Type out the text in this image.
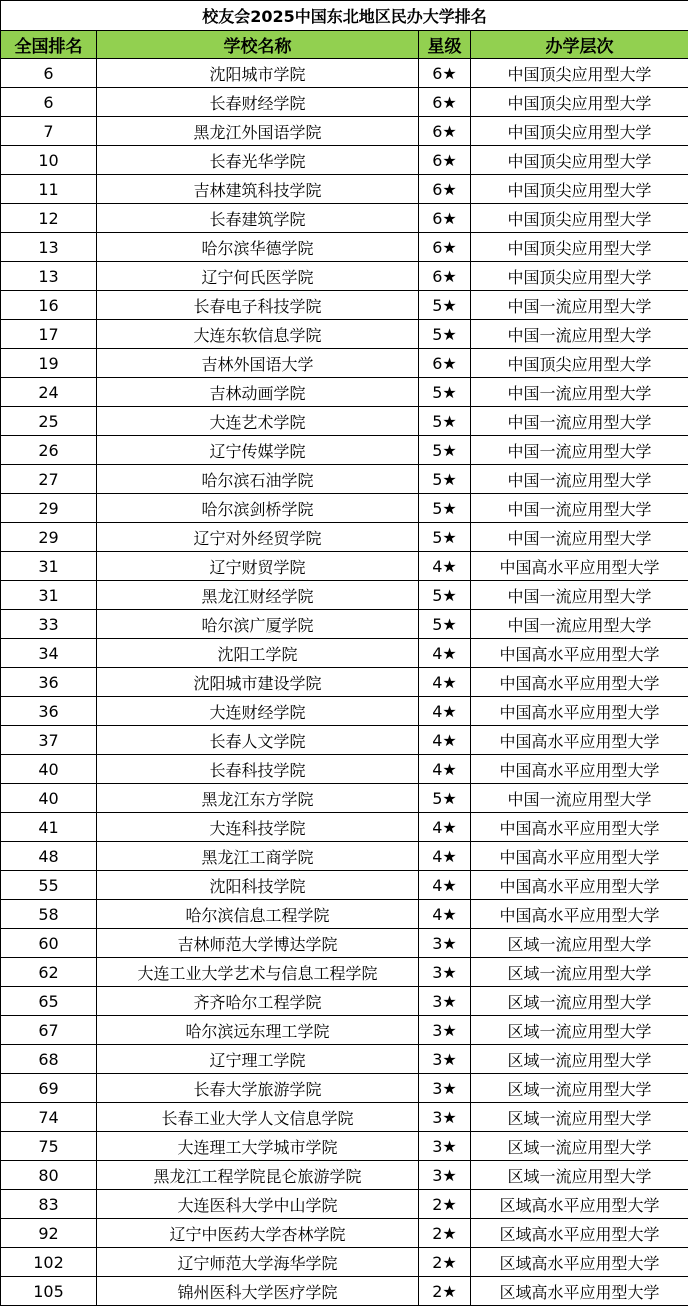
校友会2025中国东北地区民办大学排名			
全国排名	学校名称	星级	办学层次
6	沈阳城市学院	6★	中国顶尖应用型大学
6	长春财经学院	6★	中国顶尖应用型大学
7	黑龙江外国语学院	6★	中国顶尖应用型大学
10	长春光华学院	6★	中国顶尖应用型大学
11	吉林建筑科技学院	6★	中国顶尖应用型大学
12	长春建筑学院	6★	中国顶尖应用型大学
13	哈尔滨华德学院	6★	中国顶尖应用型大学
13	辽宁何氏医学院	6★	中国顶尖应用型大学
16	长春电子科技学院	5★	中国一流应用型大学
17	大连东软信息学院	5★	中国一流应用型大学
19	吉林外国语大学	6★	中国顶尖应用型大学
24	吉林动画学院	5★	中国一流应用型大学
25	大连艺术学院	5★	中国一流应用型大学
26	辽宁传媒学院	5★	中国一流应用型大学
27	哈尔滨石油学院	5★	中国一流应用型大学
29	哈尔滨剑桥学院	5★	中国一流应用型大学
29	辽宁对外经贸学院	5★	中国一流应用型大学
31	辽宁财贸学院	4★	中国高水平应用型大学
31	黑龙江财经学院	5★	中国一流应用型大学
33	哈尔滨广厦学院	5★	中国一流应用型大学
34	沈阳工学院	4★	中国高水平应用型大学
36	沈阳城市建设学院	4★	中国高水平应用型大学
36	大连财经学院	4★	中国高水平应用型大学
37	长春人文学院	4★	中国高水平应用型大学
40	长春科技学院	4★	中国高水平应用型大学
40	黑龙江东方学院	5★	中国一流应用型大学
41	大连科技学院	4★	中国高水平应用型大学
48	黑龙江工商学院	4★	中国高水平应用型大学
55	沈阳科技学院	4★	中国高水平应用型大学
58	哈尔滨信息工程学院	4★	中国高水平应用型大学
60	吉林师范大学博达学院	3★	区域一流应用型大学
62	大连工业大学艺术与信息工程学院	3★	区域一流应用型大学
65	齐齐哈尔工程学院	3★	区域一流应用型大学
67	哈尔滨远东理工学院	3★	区域一流应用型大学
68	辽宁理工学院	3★	区域一流应用型大学
69	长春大学旅游学院	3★	区域一流应用型大学
74	长春工业大学人文信息学院	3★	区域一流应用型大学
75	大连理工大学城市学院	3★	区域一流应用型大学
80	黑龙江工程学院昆仑旅游学院	3★	区域一流应用型大学
83	大连医科大学中山学院	2★	区域高水平应用型大学
92	辽宁中医药大学杏林学院	2★	区域高水平应用型大学
102	辽宁师范大学海华学院	2★	区域高水平应用型大学
105	锦州医科大学医疗学院	2★	区域高水平应用型大学
